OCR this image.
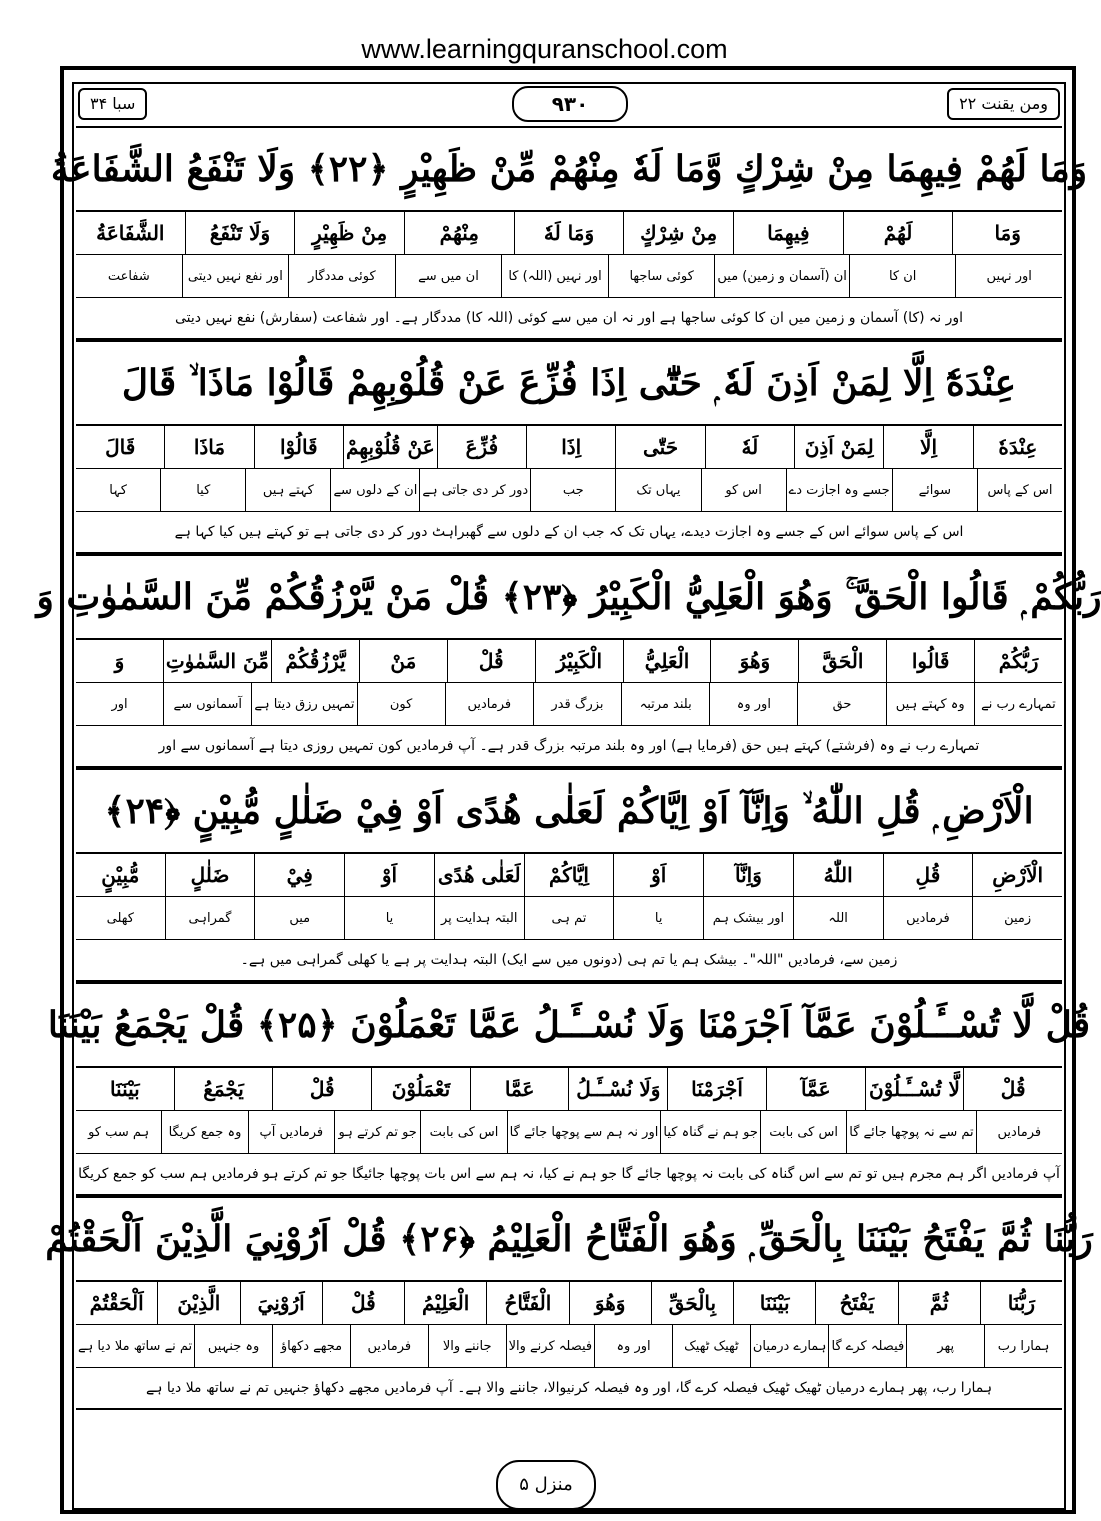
www.learningquranschool.com
سبا ۳۴	۹۳۰	ومن يقنت ۲۲
وَمَا لَهُمْ فِيهِمَا مِنْ شِرْكٍ وَّمَا لَهٗ مِنْهُمْ مِّنْ ظَهِيْرٍ ﴿۲۲﴾ وَلَا تَنْفَعُ الشَّفَاعَةُ
وَمَا
لَهُمْ
فِيهِمَا
مِنْ شِرْكٍ
وَمَا لَهٗ
مِنْهُمْ
مِنْ ظَهِيْرٍ
وَلَا تَنْفَعُ
الشَّفَاعَةُ
اور نہیں
ان کا
ان (آسمان و زمین) میں
کوئی ساجھا
اور نہیں (اللہ) کا
ان میں سے
کوئی مددگار
اور نفع نہیں دیتی
شفاعت
اور نہ (کا) آسمان و زمین میں ان کا کوئی ساجھا ہے اور نہ ان میں سے کوئی (اللہ کا) مددگار ہے۔ اور شفاعت (سفارش) نفع نہیں دیتی
عِنْدَهٗٓ اِلَّا لِمَنْ اَذِنَ لَهٗ ۭ حَتّٰٓى اِذَا فُزِّعَ عَنْ قُلُوْبِهِمْ قَالُوْا مَاذَا ۙ قَالَ
عِنْدَهٗ
اِلَّا
لِمَنْ اَذِنَ
لَهٗ
حَتّٰى
اِذَا
فُزِّعَ
عَنْ قُلُوْبِهِمْ
قَالُوْا
مَاذَا
قَالَ
اس کے پاس
سوائے
جسے وہ اجازت دے
اس کو
یہاں تک
جب
دور کر دی جاتی ہے
ان کے دلوں سے
کہتے ہیں
کیا
کہا
اس کے پاس سوائے اس کے جسے وہ اجازت دیدے، یہاں تک کہ جب ان کے دلوں سے گھبراہٹ دور کر دی جاتی ہے تو کہتے ہیں کیا کہا ہے
رَبُّكُمْ ۭ قَالُوا الْحَقَّ ۚ وَهُوَ الْعَلِيُّ الْكَبِيْرُ ﴿۲۳﴾ قُلْ مَنْ يَّرْزُقُكُمْ مِّنَ السَّمٰوٰتِ وَ
رَبُّكُمْ
قَالُوا
الْحَقَّ
وَهُوَ
الْعَلِيُّ
الْكَبِيْرُ
قُلْ
مَنْ
يَّرْزُقُكُمْ
مِّنَ السَّمٰوٰتِ
وَ
تمہارے رب نے
وہ کہتے ہیں
حق
اور وہ
بلند مرتبہ
بزرگ قدر
فرمادیں
کون
تمہیں رزق دیتا ہے
آسمانوں سے
اور
تمہارے رب نے وہ (فرشتے) کہتے ہیں حق (فرمایا ہے) اور وہ بلند مرتبہ بزرگ قدر ہے۔ آپ فرمادیں کون تمہیں روزی دیتا ہے آسمانوں سے اور
الْاَرْضِ ۭ قُلِ اللّٰهُ ۙ وَاِنَّآ اَوْ اِيَّاكُمْ لَعَلٰى هُدًى اَوْ فِيْ ضَلٰلٍ مُّبِيْنٍ ﴿۲۴﴾
الْاَرْضِ
قُلِ
اللّٰهُ
وَاِنَّآ
اَوْ
اِيَّاكُمْ
لَعَلٰى هُدًى
اَوْ
فِيْ
ضَلٰلٍ
مُّبِيْنٍ
زمین
فرمادیں
اللہ
اور بیشک ہم
یا
تم ہی
البتہ ہدایت پر
یا
میں
گمراہی
کھلی
زمین سے، فرمادیں "اللہ"۔ بیشک ہم یا تم ہی (دونوں میں سے ایک) البتہ ہدایت پر ہے یا کھلی گمراہی میں ہے۔
قُلْ لَّا تُسْــَٔـلُوْنَ عَمَّآ اَجْرَمْنَا وَلَا نُسْــَٔـلُ عَمَّا تَعْمَلُوْنَ ﴿۲۵﴾ قُلْ يَجْمَعُ بَيْنَنَا
قُلْ
لَّا تُسْــَٔـلُوْنَ
عَمَّآ
اَجْرَمْنَا
وَلَا نُسْــَٔـلُ
عَمَّا
تَعْمَلُوْنَ
قُلْ
يَجْمَعُ
بَيْنَنَا
فرمادیں
تم سے نہ پوچھا جائے گا
اس کی بابت
جو ہم نے گناہ کیا
اور نہ ہم سے پوچھا جائے گا
اس کی بابت
جو تم کرتے ہو
فرمادیں آپ
وہ جمع کریگا
ہم سب کو
آپ فرمادیں اگر ہم مجرم ہیں تو تم سے اس گناہ کی بابت نہ پوچھا جائے گا جو ہم نے کیا، نہ ہم سے اس بات پوچھا جائیگا جو تم کرتے ہو فرمادیں ہم سب کو جمع کریگا
رَبُّنَا ثُمَّ يَفْتَحُ بَيْنَنَا بِالْحَقِّ ۭ وَهُوَ الْفَتَّاحُ الْعَلِيْمُ ﴿۲۶﴾ قُلْ اَرُوْنِيَ الَّذِيْنَ اَلْحَقْتُمْ
رَبُّنَا
ثُمَّ
يَفْتَحُ
بَيْنَنَا
بِالْحَقِّ
وَهُوَ
الْفَتَّاحُ
الْعَلِيْمُ
قُلْ
اَرُوْنِيَ
الَّذِيْنَ
اَلْحَقْتُمْ
ہمارا رب
پھر
فیصلہ کرے گا
ہمارے درمیان
ٹھیک ٹھیک
اور وہ
فیصلہ کرنے والا
جاننے والا
فرمادیں
مجھے دکھاؤ
وہ جنہیں
تم نے ساتھ ملا دیا ہے
ہمارا رب، پھر ہمارے درمیان ٹھیک ٹھیک فیصلہ کرے گا، اور وہ فیصلہ کرنیوالا، جاننے والا ہے۔ آپ فرمادیں مجھے دکھاؤ جنہیں تم نے ساتھ ملا دیا ہے
منزل ۵
